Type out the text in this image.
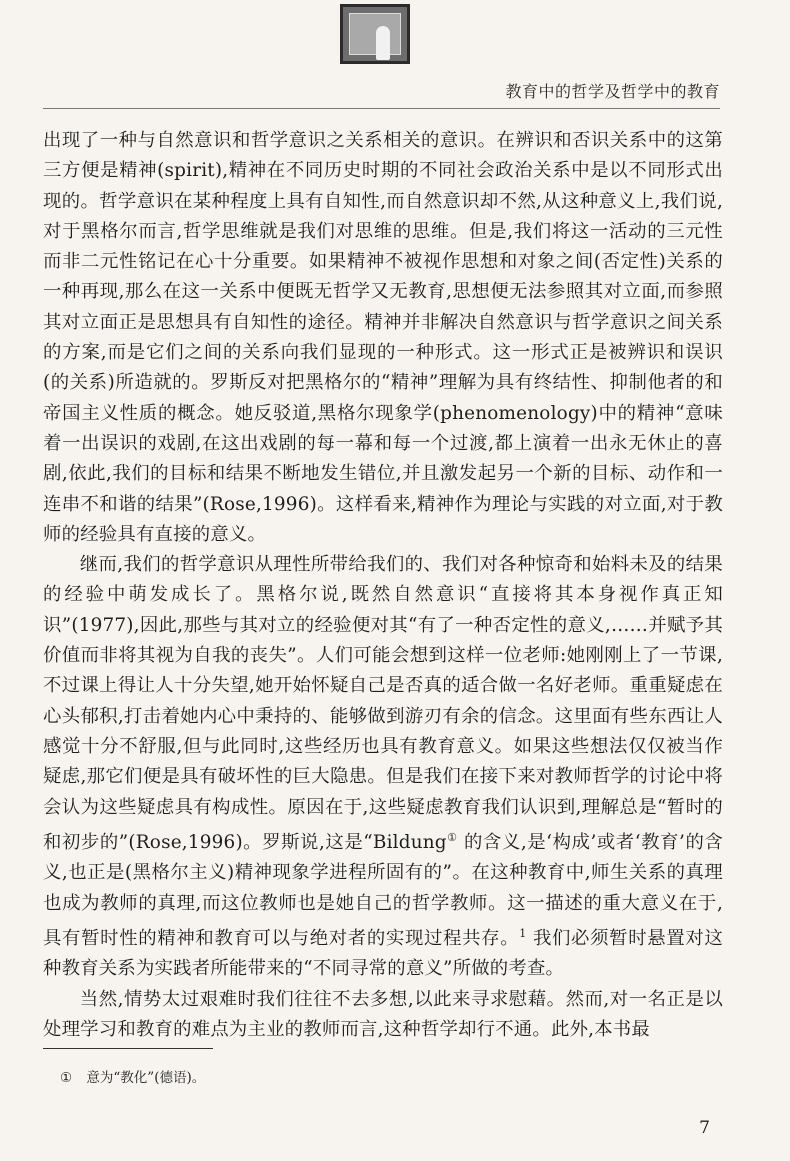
教育中的哲学及哲学中的教育

出现了一种与自然意识和哲学意识之关系相关的意识。在辨识和否识关系中的这第三方便是精神(spirit),精神在不同历史时期的不同社会政治关系中是以不同形式出现的。哲学意识在某种程度上具有自知性,而自然意识却不然,从这种意义上,我们说,对于黑格尔而言,哲学思维就是我们对思维的思维。但是,我们将这一活动的三元性而非二元性铭记在心十分重要。如果精神不被视作思想和对象之间(否定性)关系的一种再现,那么在这一关系中便既无哲学又无教育,思想便无法参照其对立面,而参照其对立面正是思想具有自知性的途径。精神并非解决自然意识与哲学意识之间关系的方案,而是它们之间的关系向我们显现的一种形式。这一形式正是被辨识和误识(的关系)所造就的。罗斯反对把黑格尔的“精神”理解为具有终结性、抑制他者的和帝国主义性质的概念。她反驳道,黑格尔现象学(phenomenology)中的精神“意味着一出误识的戏剧,在这出戏剧的每一幕和每一个过渡,都上演着一出永无休止的喜剧,依此,我们的目标和结果不断地发生错位,并且激发起另一个新的目标、动作和一连串不和谐的结果”(Rose,1996)。这样看来,精神作为理论与实践的对立面,对于教师的经验具有直接的意义。

继而,我们的哲学意识从理性所带给我们的、我们对各种惊奇和始料未及的结果的经验中萌发成长了。黑格尔说,既然自然意识“直接将其本身视作真正知识”(1977),因此,那些与其对立的经验便对其“有了一种否定性的意义,……并赋予其价值而非将其视为自我的丧失”。人们可能会想到这样一位老师:她刚刚上了一节课,不过课上得让人十分失望,她开始怀疑自己是否真的适合做一名好老师。重重疑虑在心头郁积,打击着她内心中秉持的、能够做到游刃有余的信念。这里面有些东西让人感觉十分不舒服,但与此同时,这些经历也具有教育意义。如果这些想法仅仅被当作疑虑,那它们便是具有破坏性的巨大隐患。但是我们在接下来对教师哲学的讨论中将会认为这些疑虑具有构成性。原因在于,这些疑虑教育我们认识到,理解总是“暂时的和初步的”(Rose,1996)。罗斯说,这是“Bildung① 的含义,是‘构成’或者‘教育’的含义,也正是(黑格尔主义)精神现象学进程所固有的”。在这种教育中,师生关系的真理也成为教师的真理,而这位教师也是她自己的哲学教师。这一描述的重大意义在于,具有暂时性的精神和教育可以与绝对者的实现过程共存。$^1$ 我们必须暂时悬置对这种教育关系为实践者所能带来的“不同寻常的意义”所做的考查。

当然,情势太过艰难时我们往往不去多想,以此来寻求慰藉。然而,对一名正是以处理学习和教育的难点为主业的教师而言,这种哲学却行不通。此外,本书最

① 意为“教化”(德语)。
7
